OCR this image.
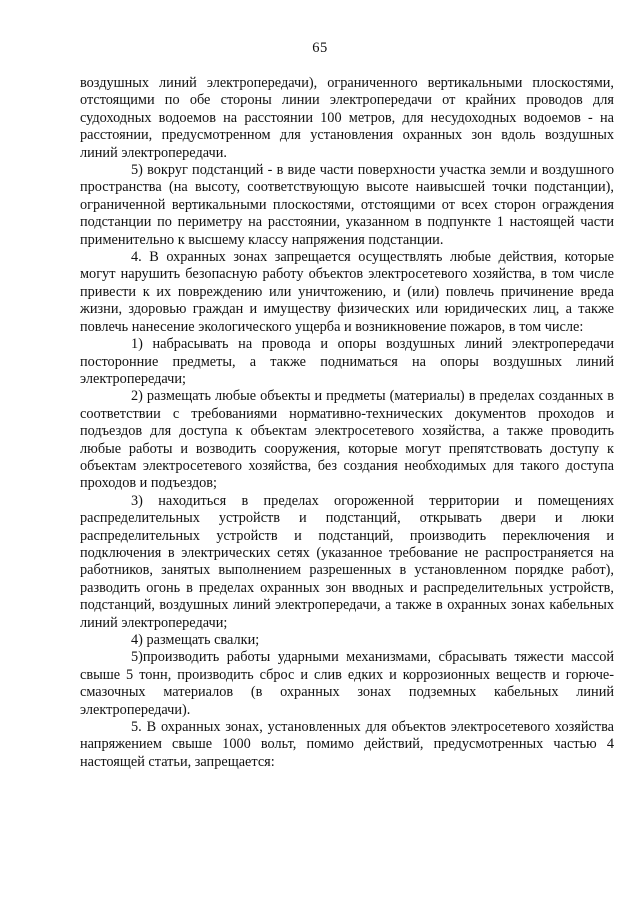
65

воздушных линий электропередачи), ограниченного вертикальными плоскостями, отстоящими по обе стороны линии электропередачи от крайних проводов для судоходных водоемов на расстоянии 100 метров, для несудоходных водоемов - на расстоянии, предусмотренном для установления охранных зон вдоль воздушных линий электропередачи.

5) вокруг подстанций - в виде части поверхности участка земли и воздушного пространства (на высоту, соответствующую высоте наивысшей точки подстанции), ограниченной вертикальными плоскостями, отстоящими от всех сторон ограждения подстанции по периметру на расстоянии, указанном в подпункте 1 настоящей части применительно к высшему классу напряжения подстанции.

4. В охранных зонах запрещается осуществлять любые действия, которые могут нарушить безопасную работу объектов электросетевого хозяйства, в том числе привести к их повреждению или уничтожению, и (или) повлечь причинение вреда жизни, здоровью граждан и имуществу физических или юридических лиц, а также повлечь нанесение экологического ущерба и возникновение пожаров, в том числе:

1) набрасывать на провода и опоры воздушных линий электропередачи посторонние предметы, а также подниматься на опоры воздушных линий электропередачи;

2) размещать любые объекты и предметы (материалы) в пределах созданных в соответствии с требованиями нормативно-технических документов проходов и подъездов для доступа к объектам электросетевого хозяйства, а также проводить любые работы и возводить сооружения, которые могут препятствовать доступу к объектам электросетевого хозяйства, без создания необходимых для такого доступа проходов и подъездов;

3) находиться в пределах огороженной территории и помещениях распределительных устройств и подстанций, открывать двери и люки распределительных устройств и подстанций, производить переключения и подключения в электрических сетях (указанное требование не распространяется на работников, занятых выполнением разрешенных в установленном порядке работ), разводить огонь в пределах охранных зон вводных и распределительных устройств, подстанций, воздушных линий электропередачи, а также в охранных зонах кабельных линий электропередачи;

4) размещать свалки;

5)производить работы ударными механизмами, сбрасывать тяжести массой свыше 5 тонн, производить сброс и слив едких и коррозионных веществ и горюче-смазочных материалов (в охранных зонах подземных кабельных линий электропередачи).

5. В охранных зонах, установленных для объектов электросетевого хозяйства напряжением свыше 1000 вольт, помимо действий, предусмотренных частью 4 настоящей статьи, запрещается:
